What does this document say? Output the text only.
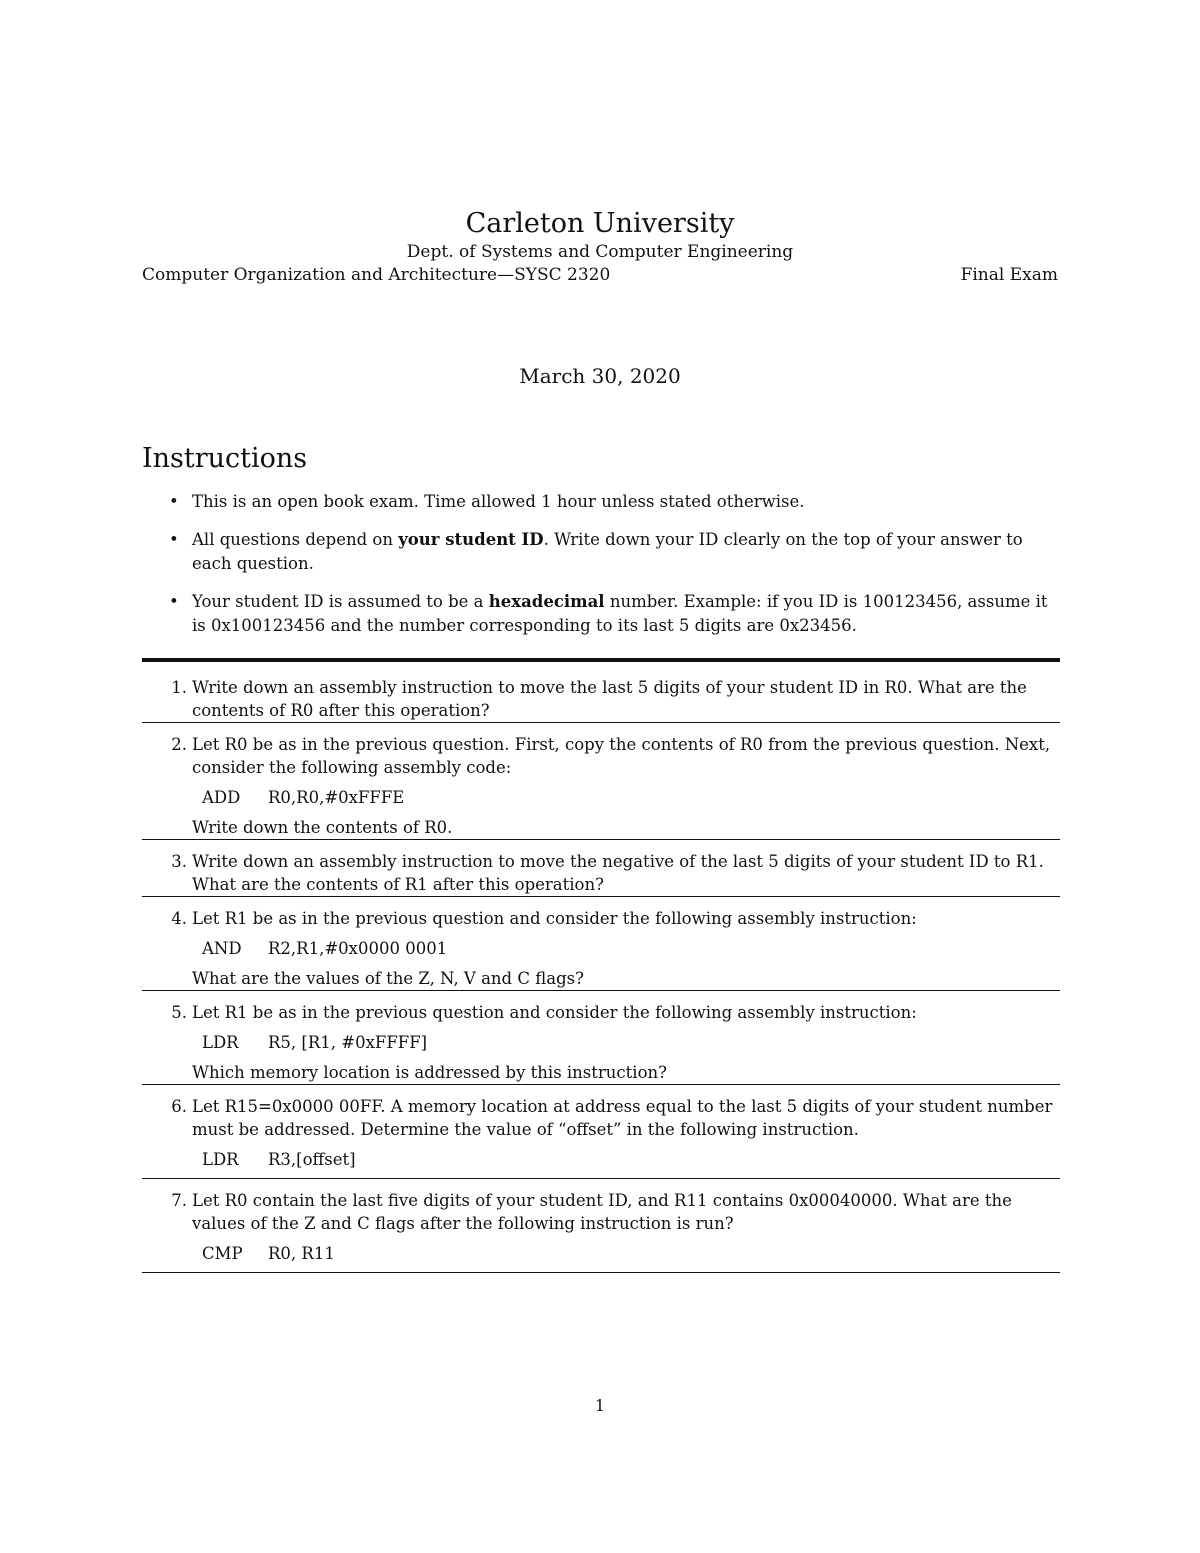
Carleton University
Dept. of Systems and Computer Engineering
Computer Organization and Architecture—SYSC 2320	Final Exam
March 30, 2020
Instructions
• This is an open book exam. Time allowed 1 hour unless stated otherwise.
• All questions depend on your student ID. Write down your ID clearly on the top of your answer to each question.
• Your student ID is assumed to be a hexadecimal number. Example: if you ID is 100123456, assume it is 0x100123456 and the number corresponding to its last 5 digits are 0x23456.
1. Write down an assembly instruction to move the last 5 digits of your student ID in R0. What are the contents of R0 after this operation?
2. Let R0 be as in the previous question. First, copy the contents of R0 from the previous question. Next, consider the following assembly code:
ADD R0,R0,#0xFFFE
Write down the contents of R0.
3. Write down an assembly instruction to move the negative of the last 5 digits of your student ID to R1. What are the contents of R1 after this operation?
4. Let R1 be as in the previous question and consider the following assembly instruction:
AND R2,R1,#0x0000 0001
What are the values of the Z, N, V and C flags?
5. Let R1 be as in the previous question and consider the following assembly instruction:
LDR R5, [R1, #0xFFFF]
Which memory location is addressed by this instruction?
6. Let R15=0x0000 00FF. A memory location at address equal to the last 5 digits of your student number must be addressed. Determine the value of “offset” in the following instruction.
LDR R3,[offset]
7. Let R0 contain the last five digits of your student ID, and R11 contains 0x00040000. What are the values of the Z and C flags after the following instruction is run?
CMP R0, R11
1
